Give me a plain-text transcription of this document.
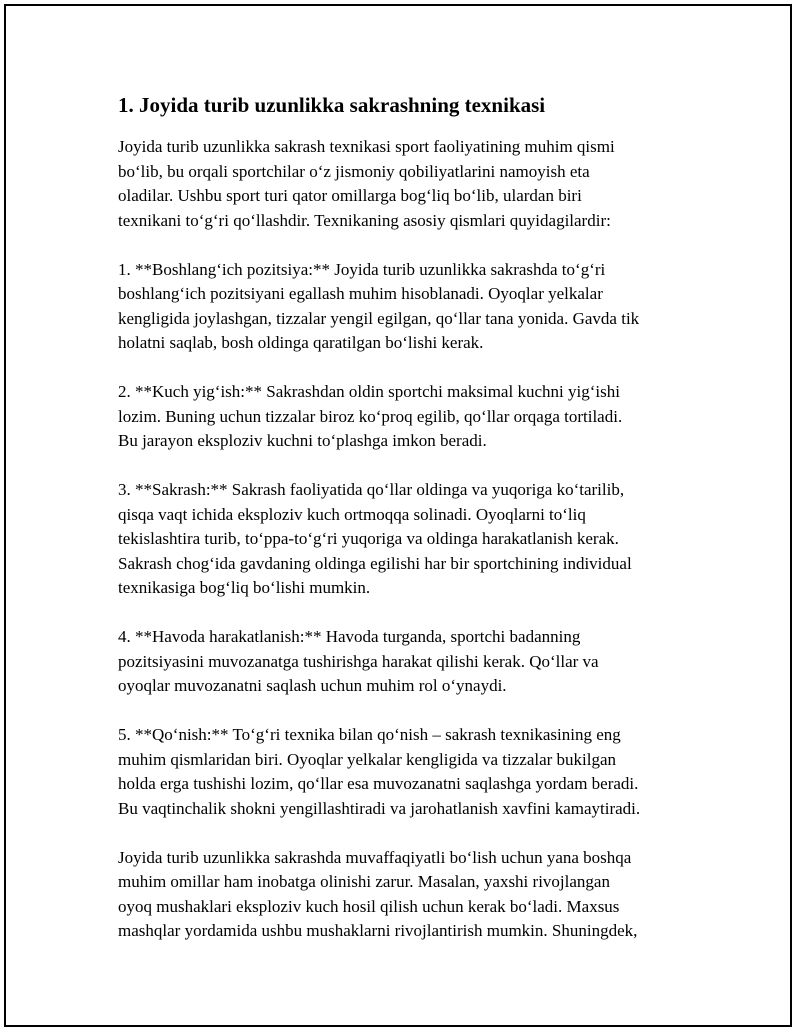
1. Joyida turib uzunlikka sakrashning texnikasi
Joyida turib uzunlikka sakrash texnikasi sport faoliyatining muhim qismi
bo‘lib, bu orqali sportchilar o‘z jismoniy qobiliyatlarini namoyish eta
oladilar. Ushbu sport turi qator omillarga bog‘liq bo‘lib, ulardan biri
texnikani to‘g‘ri qo‘llashdir. Texnikaning asosiy qismlari quyidagilardir:
1. **Boshlang‘ich pozitsiya:** Joyida turib uzunlikka sakrashda to‘g‘ri
boshlang‘ich pozitsiyani egallash muhim hisoblanadi. Oyoqlar yelkalar
kengligida joylashgan, tizzalar yengil egilgan, qo‘llar tana yonida. Gavda tik
holatni saqlab, bosh oldinga qaratilgan bo‘lishi kerak.
2. **Kuch yig‘ish:** Sakrashdan oldin sportchi maksimal kuchni yig‘ishi
lozim. Buning uchun tizzalar biroz ko‘proq egilib, qo‘llar orqaga tortiladi.
Bu jarayon eksploziv kuchni to‘plashga imkon beradi.
3. **Sakrash:** Sakrash faoliyatida qo‘llar oldinga va yuqoriga ko‘tarilib,
qisqa vaqt ichida eksploziv kuch ortmoqqa solinadi. Oyoqlarni to‘liq
tekislashtira turib, to‘ppa-to‘g‘ri yuqoriga va oldinga harakatlanish kerak.
Sakrash chog‘ida gavdaning oldinga egilishi har bir sportchining individual
texnikasiga bog‘liq bo‘lishi mumkin.
4. **Havoda harakatlanish:** Havoda turganda, sportchi badanning
pozitsiyasini muvozanatga tushirishga harakat qilishi kerak. Qo‘llar va
oyoqlar muvozanatni saqlash uchun muhim rol o‘ynaydi.
5. **Qo‘nish:** To‘g‘ri texnika bilan qo‘nish – sakrash texnikasining eng
muhim qismlaridan biri. Oyoqlar yelkalar kengligida va tizzalar bukilgan
holda erga tushishi lozim, qo‘llar esa muvozanatni saqlashga yordam beradi.
Bu vaqtinchalik shokni yengillashtiradi va jarohatlanish xavfini kamaytiradi.
Joyida turib uzunlikka sakrashda muvaffaqiyatli bo‘lish uchun yana boshqa
muhim omillar ham inobatga olinishi zarur. Masalan, yaxshi rivojlangan
oyoq mushaklari eksploziv kuch hosil qilish uchun kerak bo‘ladi. Maxsus
mashqlar yordamida ushbu mushaklarni rivojlantirish mumkin. Shuningdek,
